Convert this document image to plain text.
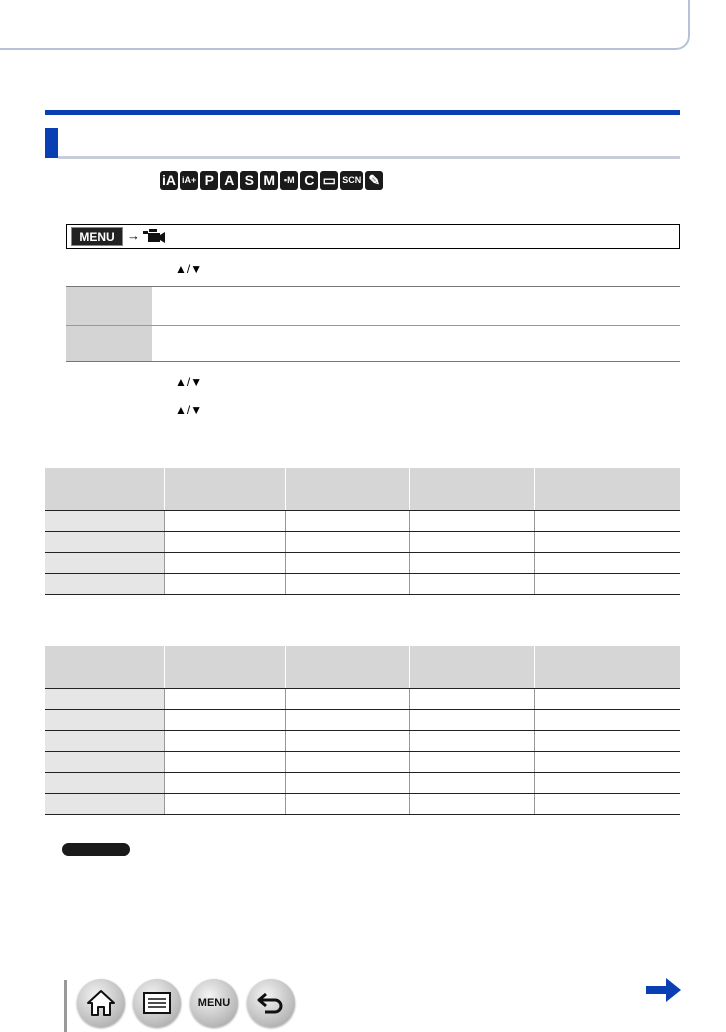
iA iA+ P A S M ▪M C ▭ SCN ✎
MENU →
▲/▼
▲/▼
▲/▼

MENU
